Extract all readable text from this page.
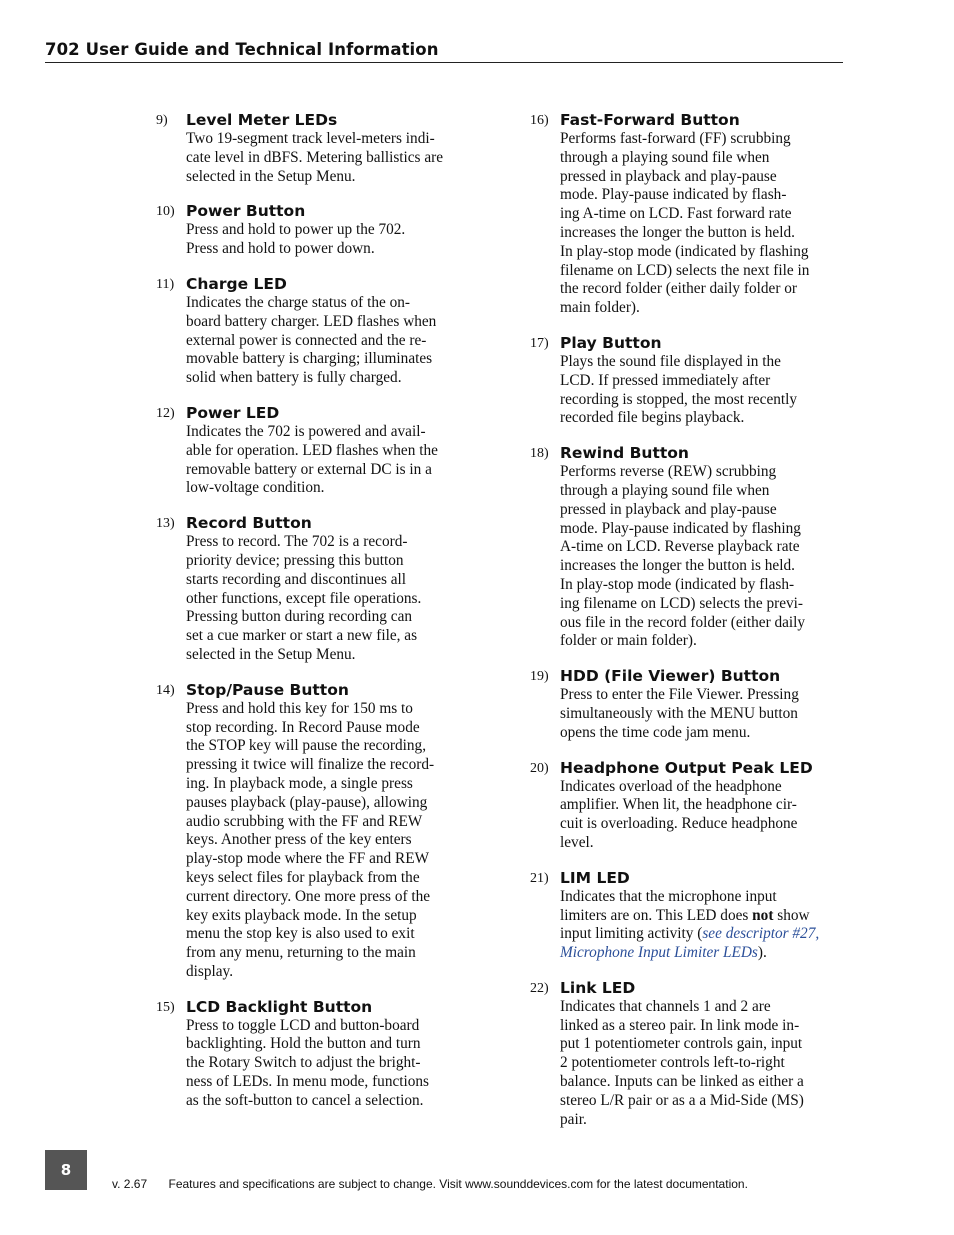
702 User Guide and Technical Information
9) Level Meter LEDs
Two 19-segment track level-meters indi-
cate level in dBFS. Metering ballistics are
selected in the Setup Menu.
10) Power Button
Press and hold to power up the 702.
Press and hold to power down.
11) Charge LED
Indicates the charge status of the on-
board battery charger. LED flashes when
external power is connected and the re-
movable battery is charging; illuminates
solid when battery is fully charged.
12) Power LED
Indicates the 702 is powered and avail-
able for operation. LED flashes when the
removable battery or external DC is in a
low-voltage condition.
13) Record Button
Press to record. The 702 is a record-
priority device; pressing this button
starts recording and discontinues all
other functions, except file operations.
Pressing button during recording can
set a cue marker or start a new file, as
selected in the Setup Menu.
14) Stop/Pause Button
Press and hold this key for 150 ms to
stop recording. In Record Pause mode
the STOP key will pause the recording,
pressing it twice will finalize the record-
ing. In playback mode, a single press
pauses playback (play-pause), allowing
audio scrubbing with the FF and REW
keys. Another press of the key enters
play-stop mode where the FF and REW
keys select files for playback from the
current directory. One more press of the
key exits playback mode. In the setup
menu the stop key is also used to exit
from any menu, returning to the main
display.
15) LCD Backlight Button
Press to toggle LCD and button-board
backlighting. Hold the button and turn
the Rotary Switch to adjust the bright-
ness of LEDs. In menu mode, functions
as the soft-button to cancel a selection.
16) Fast-Forward Button
Performs fast-forward (FF) scrubbing
through a playing sound file when
pressed in playback and play-pause
mode. Play-pause indicated by flash-
ing A-time on LCD. Fast forward rate
increases the longer the button is held.
In play-stop mode (indicated by flashing
filename on LCD) selects the next file in
the record folder (either daily folder or
main folder).
17) Play Button
Plays the sound file displayed in the
LCD. If pressed immediately after
recording is stopped, the most recently
recorded file begins playback.
18) Rewind Button
Performs reverse (REW) scrubbing
through a playing sound file when
pressed in playback and play-pause
mode. Play-pause indicated by flashing
A-time on LCD. Reverse playback rate
increases the longer the button is held.
In play-stop mode (indicated by flash-
ing filename on LCD) selects the previ-
ous file in the record folder (either daily
folder or main folder).
19) HDD (File Viewer) Button
Press to enter the File Viewer. Pressing
simultaneously with the MENU button
opens the time code jam menu.
20) Headphone Output Peak LED
Indicates overload of the headphone
amplifier. When lit, the headphone cir-
cuit is overloading. Reduce headphone
level.
21) LIM LED
Indicates that the microphone input
limiters are on. This LED does not show
input limiting activity (see descriptor #27,
Microphone Input Limiter LEDs).
22) Link LED
Indicates that channels 1 and 2 are
linked as a stereo pair. In link mode in-
put 1 potentiometer controls gain, input
2 potentiometer controls left-to-right
balance. Inputs can be linked as either a
stereo L/R pair or as a a Mid-Side (MS)
pair.
8
v. 2.67 Features and specifications are subject to change. Visit www.sounddevices.com for the latest documentation.
